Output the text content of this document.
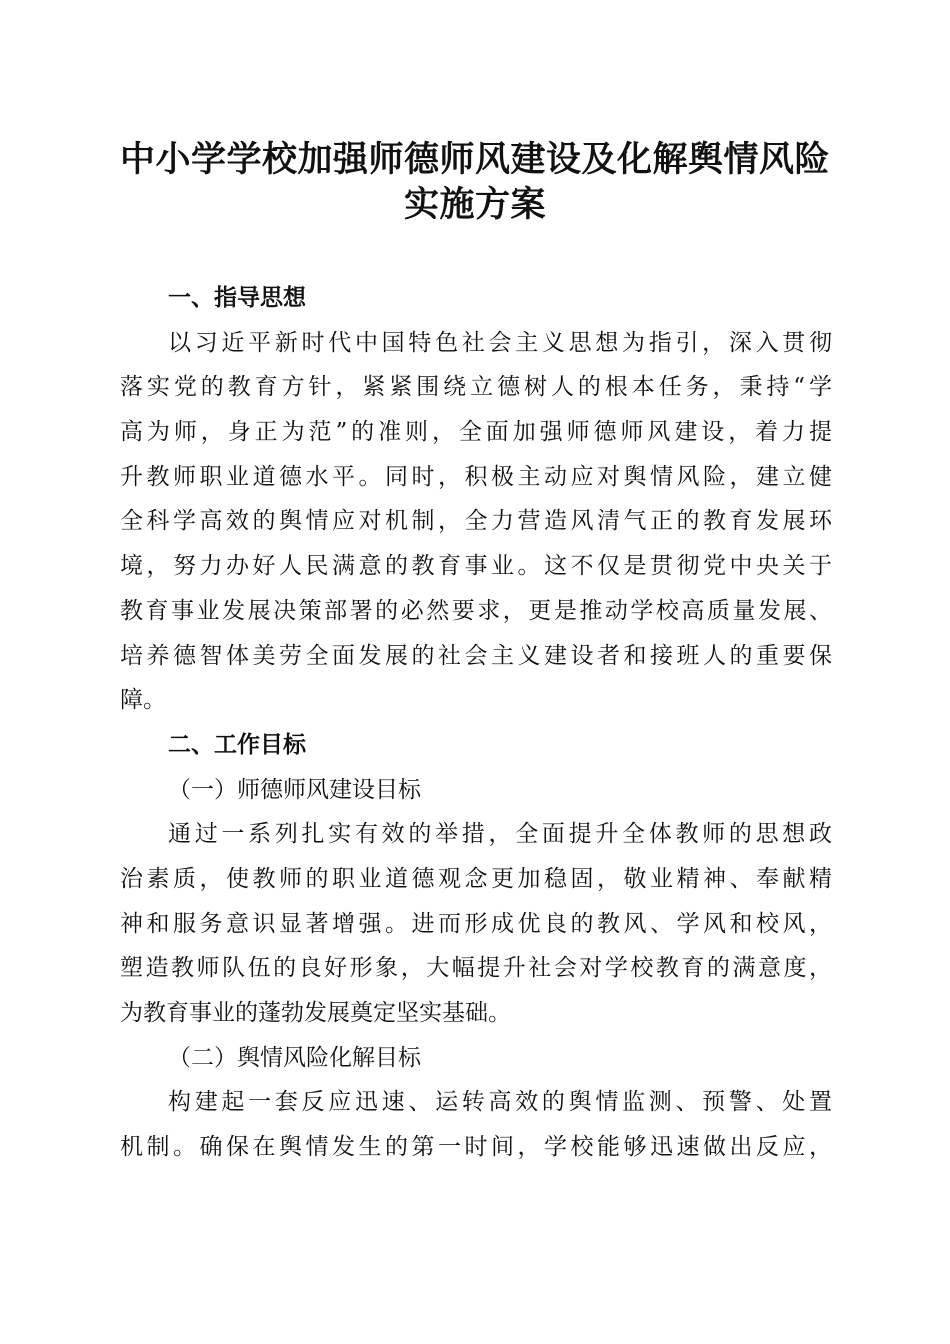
中小学学校加强师德师风建设及化解舆情风险
实施方案
一、指导思想
以习近平新时代中国特色社会主义思想为指引，深入贯彻
落实党的教育方针，紧紧围绕立德树人的根本任务，秉持“学
高为师，身正为范”的准则，全面加强师德师风建设，着力提
升教师职业道德水平。同时，积极主动应对舆情风险，建立健
全科学高效的舆情应对机制，全力营造风清气正的教育发展环
境，努力办好人民满意的教育事业。这不仅是贯彻党中央关于
教育事业发展决策部署的必然要求，更是推动学校高质量发展、
培养德智体美劳全面发展的社会主义建设者和接班人的重要保
障。
二、工作目标
（一）师德师风建设目标
通过一系列扎实有效的举措，全面提升全体教师的思想政
治素质，使教师的职业道德观念更加稳固，敬业精神、奉献精
神和服务意识显著增强。进而形成优良的教风、学风和校风，
塑造教师队伍的良好形象，大幅提升社会对学校教育的满意度，
为教育事业的蓬勃发展奠定坚实基础。
（二）舆情风险化解目标
构建起一套反应迅速、运转高效的舆情监测、预警、处置
机制。确保在舆情发生的第一时间，学校能够迅速做出反应，
